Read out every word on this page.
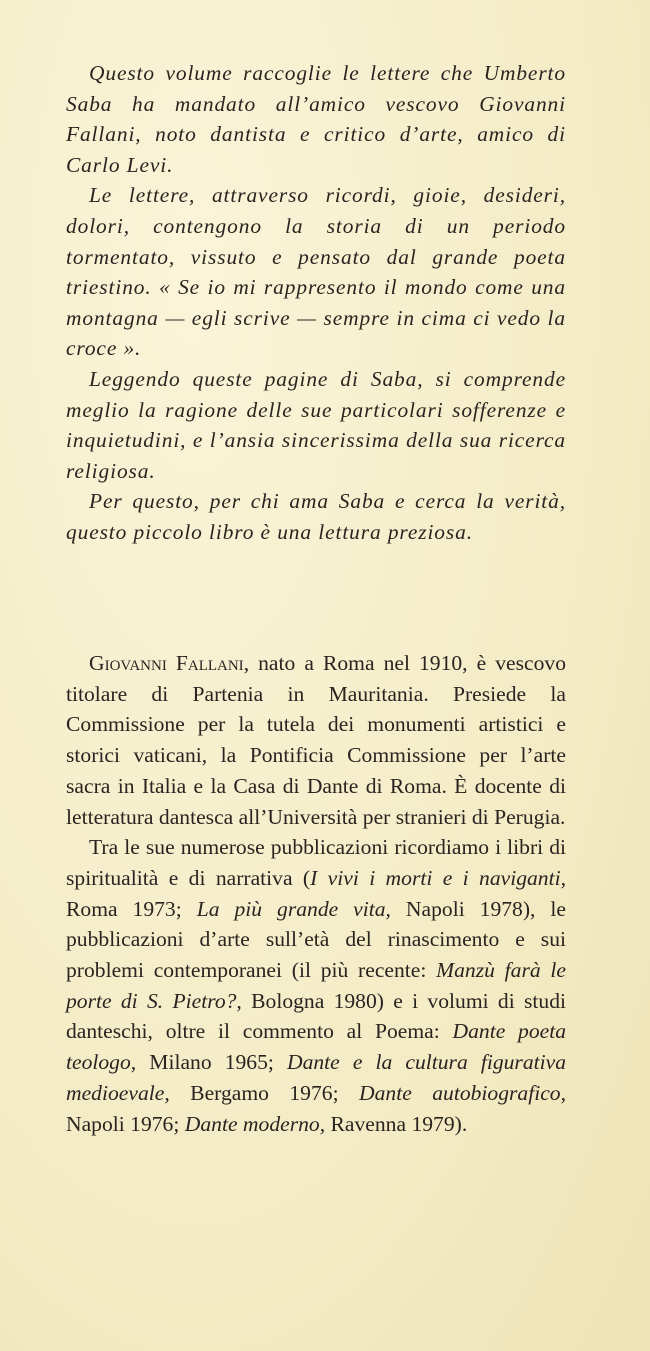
Questo volume raccoglie le lettere che Umberto Saba ha mandato all’amico vescovo Giovanni Fallani, noto dantista e critico d’arte, amico di Carlo Levi.

Le lettere, attraverso ricordi, gioie, desideri, dolori, contengono la storia di un periodo tormentato, vissuto e pensato dal grande poeta triestino. « Se io mi rappresento il mondo come una montagna — egli scrive — sempre in cima ci vedo la croce ».

Leggendo queste pagine di Saba, si comprende meglio la ragione delle sue particolari sofferenze e inquietudini, e l’ansia sincerissima della sua ricerca religiosa.

Per questo, per chi ama Saba e cerca la verità, questo piccolo libro è una lettura preziosa.

Giovanni Fallani, nato a Roma nel 1910, è vescovo titolare di Partenia in Mauritania. Presiede la Commissione per la tutela dei monumenti artistici e storici vaticani, la Pontificia Commissione per l’arte sacra in Italia e la Casa di Dante di Roma. È docente di letteratura dantesca all’Università per stranieri di Perugia.

Tra le sue numerose pubblicazioni ricordiamo i libri di spiritualità e di narrativa (I vivi i morti e i naviganti, Roma 1973; La più grande vita, Napoli 1978), le pubblicazioni d’arte sull’età del rinascimento e sui problemi contemporanei (il più recente: Manzù farà le porte di S. Pietro?, Bologna 1980) e i volumi di studi danteschi, oltre il commento al Poema: Dante poeta teologo, Milano 1965; Dante e la cultura figurativa medioevale, Bergamo 1976; Dante autobiografico, Napoli 1976; Dante moderno, Ravenna 1979).
